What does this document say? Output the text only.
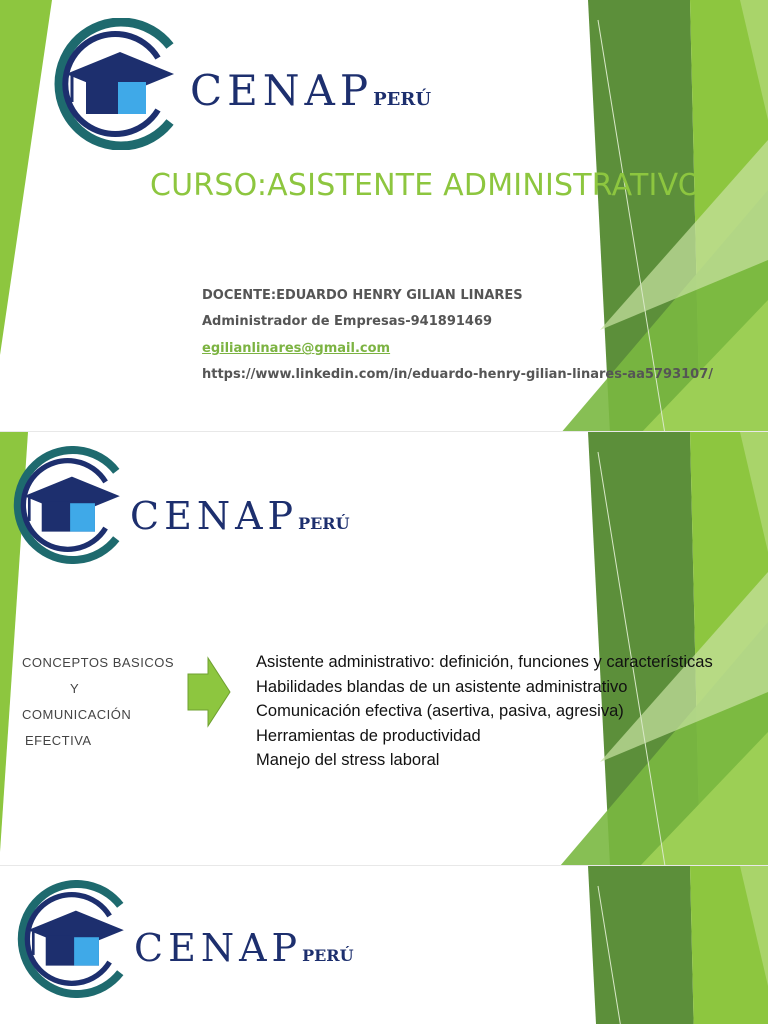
CENAPPERÚ
CURSO:ASISTENTE ADMINISTRATIVO
DOCENTE:EDUARDO HENRY GILIAN LINARES
Administrador de Empresas-941891469
egilianlinares@gmail.com
https://www.linkedin.com/in/eduardo-henry-gilian-linares-aa5793107/
CENAPPERÚ
CONCEPTOS BASICOS
Y
COMUNICACIÓN
EFECTIVA
Asistente administrativo: definición, funciones y características
Habilidades blandas de un asistente administrativo
Comunicación efectiva (asertiva, pasiva, agresiva)
Herramientas de productividad
Manejo del stress laboral
CENAPPERÚ
